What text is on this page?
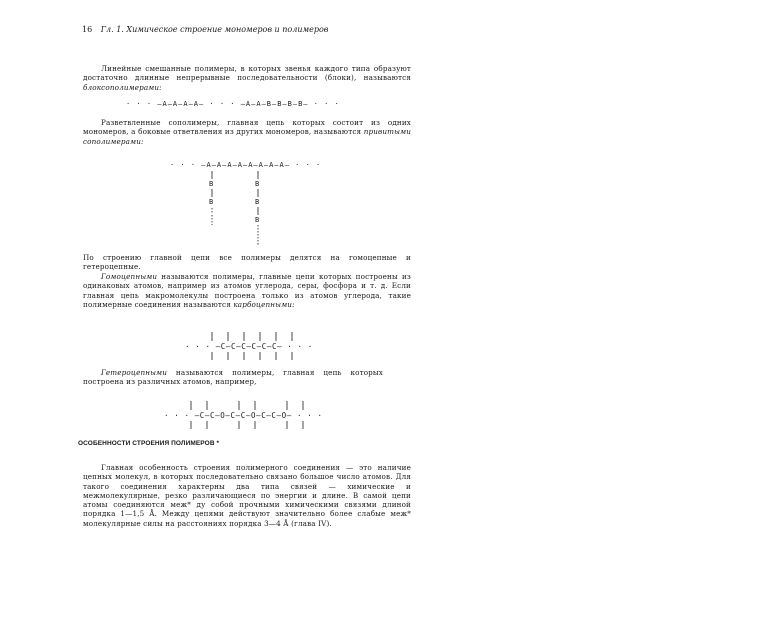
16 Гл. 1. Химическое строение мономеров и полимеров
Линейные смешанные полимеры, в которых звенья каждого типа образуют достаточно длинные непрерывные последовательности (блоки), называются блоксополимерами:
· · · —A—A—A—A— · · · —A—A—B—B—B—B— · · ·
Разветвленные сополимеры, главная цепь которых состоит из одних мономеров, а боковые ответвления из других мономеров, называются привитыми сополимерами:
· · · —A—A—A—A—A—A—A—A— · · ·
B
B
B
B
B
По строению главной цепи все полимеры делятся на гомоцепные и гетероцепные.
Гомоцепными называются полимеры, главные цепи которых построены из одинаковых атомов, например из атомов углерода, серы, фосфора и т. д. Если главная цепь макромолекулы построена только из атомов углерода, такие полимерные соединения называются карбоцепными:
· · · —C—C—C—C—C—C— · · ·
Гетероцепными называются полимеры, главная цепь которых построена из различных атомов, например,
· · · —C—C—O—C—C—O—C—C—O— · · ·
ОСОБЕННОСТИ СТРОЕНИЯ ПОЛИМЕРОВ *
Главная особенность строения полимерного соединения — это наличие цепных молекул, в которых последовательно связано большое число атомов. Для такого соединения характерны два типа связей — химические и межмолекулярные, резко различающиеся по энергии и длине. В самой цепи атомы соединяются меж* ду собой прочными химическими связями длиной порядка 1—1,5 Å. Между цепями действуют значительно более слабые меж* молекулярные силы на расстояниях порядка 3—4 Å (глава IV).
